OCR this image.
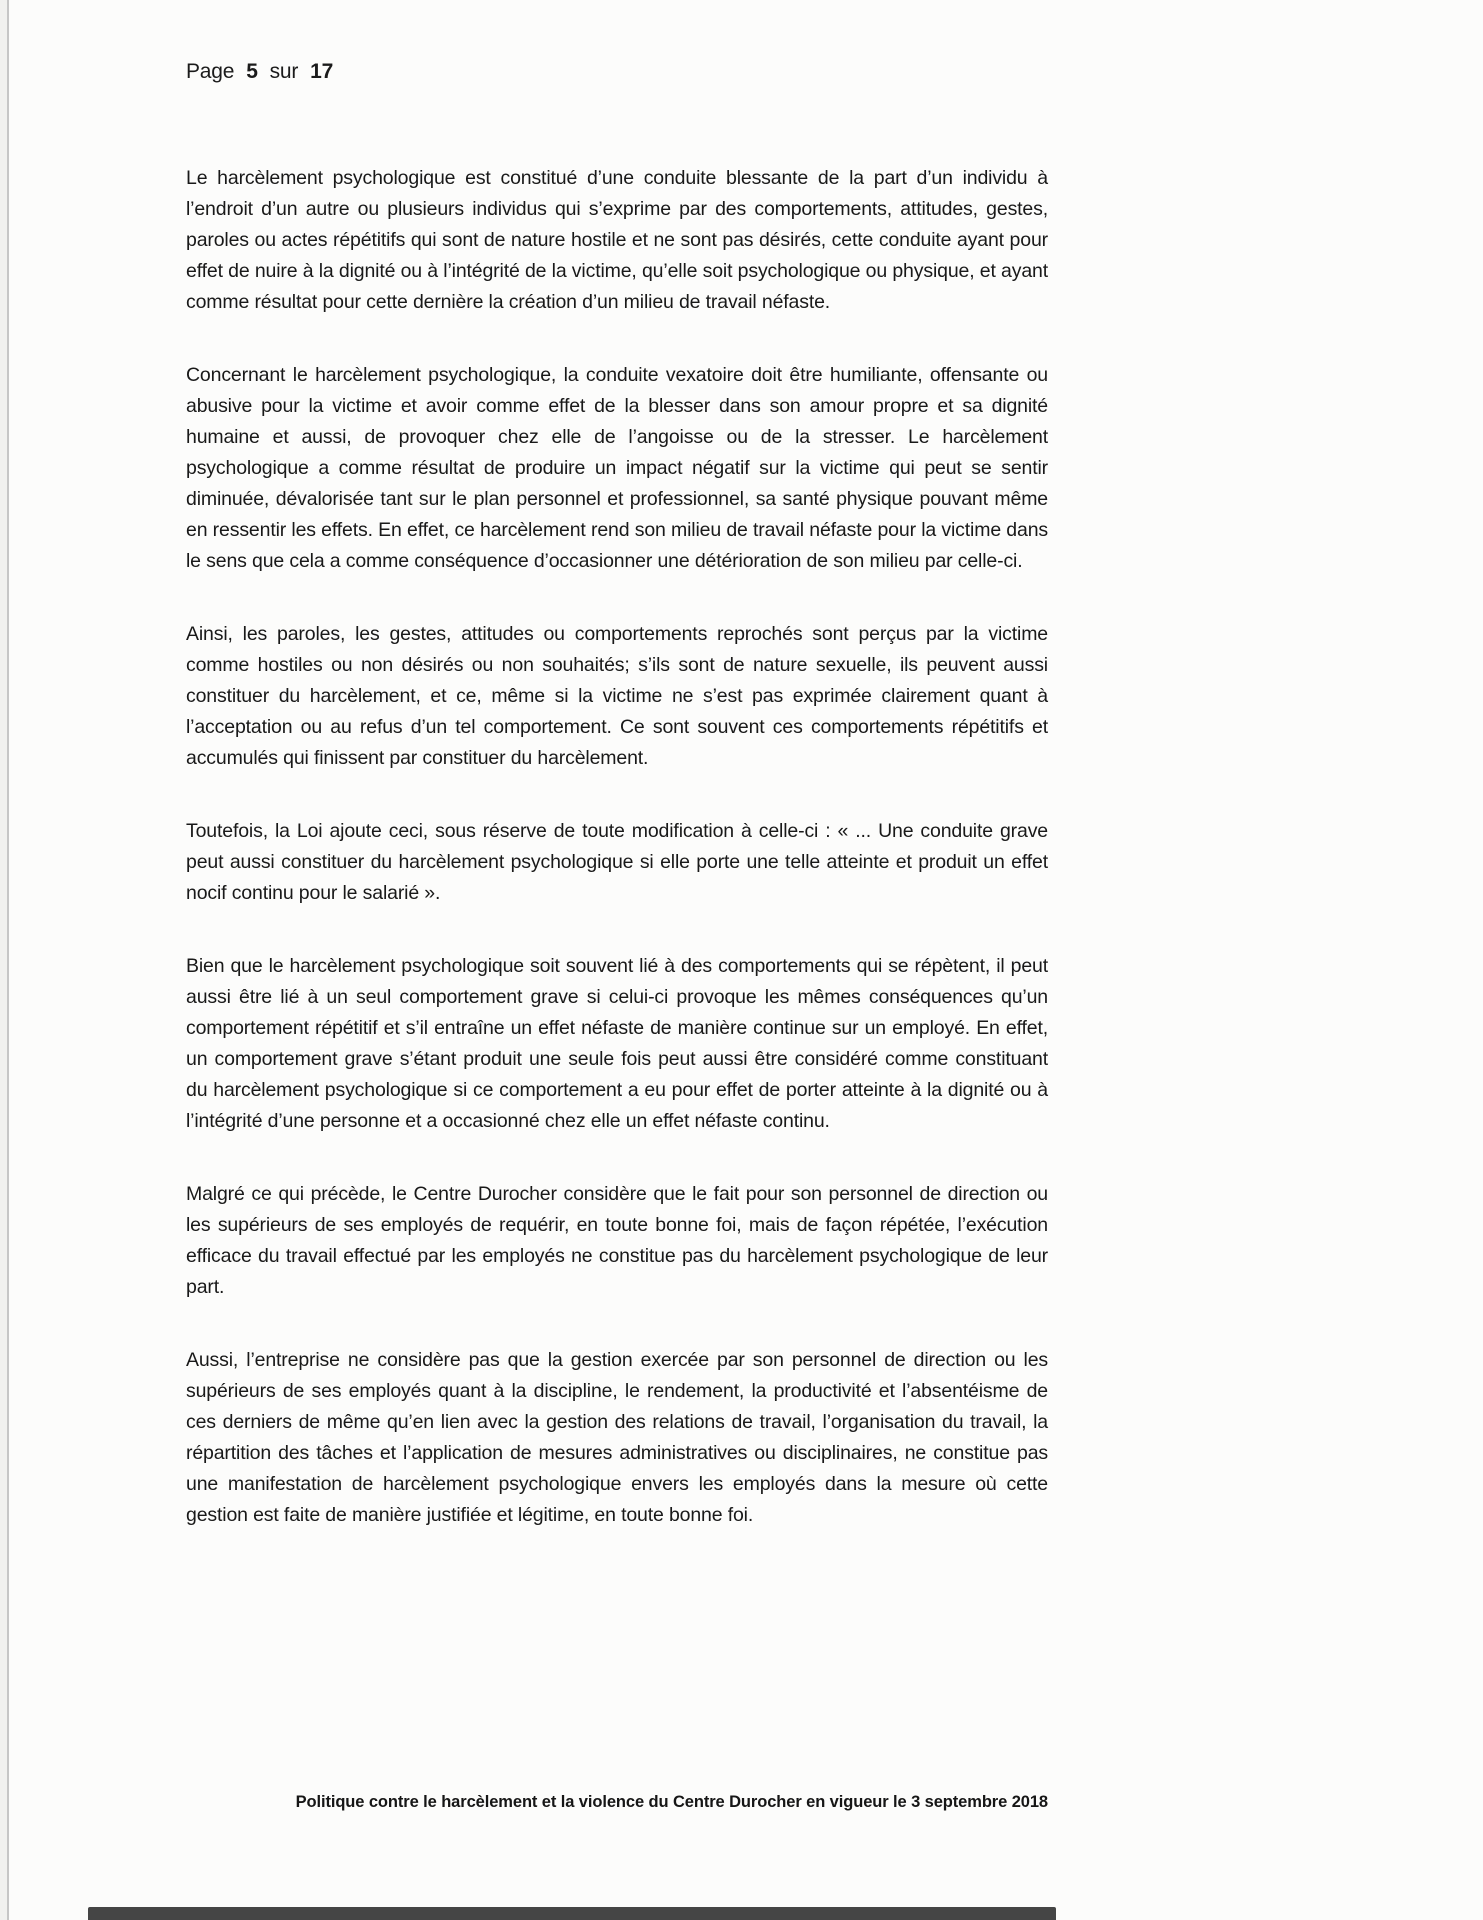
Page 5 sur 17

Le harcèlement psychologique est constitué d’une conduite blessante de la part d’un individu à l’endroit d’un autre ou plusieurs individus qui s’exprime par des comportements, attitudes, gestes, paroles ou actes répétitifs qui sont de nature hostile et ne sont pas désirés, cette conduite ayant pour effet de nuire à la dignité ou à l’intégrité de la victime, qu’elle soit psychologique ou physique, et ayant comme résultat pour cette dernière la création d’un milieu de travail néfaste.

Concernant le harcèlement psychologique, la conduite vexatoire doit être humiliante, offensante ou abusive pour la victime et avoir comme effet de la blesser dans son amour propre et sa dignité humaine et aussi, de provoquer chez elle de l’angoisse ou de la stresser. Le harcèlement psychologique a comme résultat de produire un impact négatif sur la victime qui peut se sentir diminuée, dévalorisée tant sur le plan personnel et professionnel, sa santé physique pouvant même en ressentir les effets. En effet, ce harcèlement rend son milieu de travail néfaste pour la victime dans le sens que cela a comme conséquence d’occasionner une détérioration de son milieu par celle-ci.

Ainsi, les paroles, les gestes, attitudes ou comportements reprochés sont perçus par la victime comme hostiles ou non désirés ou non souhaités; s’ils sont de nature sexuelle, ils peuvent aussi constituer du harcèlement, et ce, même si la victime ne s’est pas exprimée clairement quant à l’acceptation ou au refus d’un tel comportement. Ce sont souvent ces comportements répétitifs et accumulés qui finissent par constituer du harcèlement.

Toutefois, la Loi ajoute ceci, sous réserve de toute modification à celle-ci : « ... Une conduite grave peut aussi constituer du harcèlement psychologique si elle porte une telle atteinte et produit un effet nocif continu pour le salarié ».

Bien que le harcèlement psychologique soit souvent lié à des comportements qui se répètent, il peut aussi être lié à un seul comportement grave si celui-ci provoque les mêmes conséquences qu’un comportement répétitif et s’il entraîne un effet néfaste de manière continue sur un employé. En effet, un comportement grave s’étant produit une seule fois peut aussi être considéré comme constituant du harcèlement psychologique si ce comportement a eu pour effet de porter atteinte à la dignité ou à l’intégrité d’une personne et a occasionné chez elle un effet néfaste continu.

Malgré ce qui précède, le Centre Durocher considère que le fait pour son personnel de direction ou les supérieurs de ses employés de requérir, en toute bonne foi, mais de façon répétée, l’exécution efficace du travail effectué par les employés ne constitue pas du harcèlement psychologique de leur part.

Aussi, l’entreprise ne considère pas que la gestion exercée par son personnel de direction ou les supérieurs de ses employés quant à la discipline, le rendement, la productivité et l’absentéisme de ces derniers de même qu’en lien avec la gestion des relations de travail, l’organisation du travail, la répartition des tâches et l’application de mesures administratives ou disciplinaires, ne constitue pas une manifestation de harcèlement psychologique envers les employés dans la mesure où cette gestion est faite de manière justifiée et légitime, en toute bonne foi.

Politique contre le harcèlement et la violence du Centre Durocher en vigueur le 3 septembre 2018
